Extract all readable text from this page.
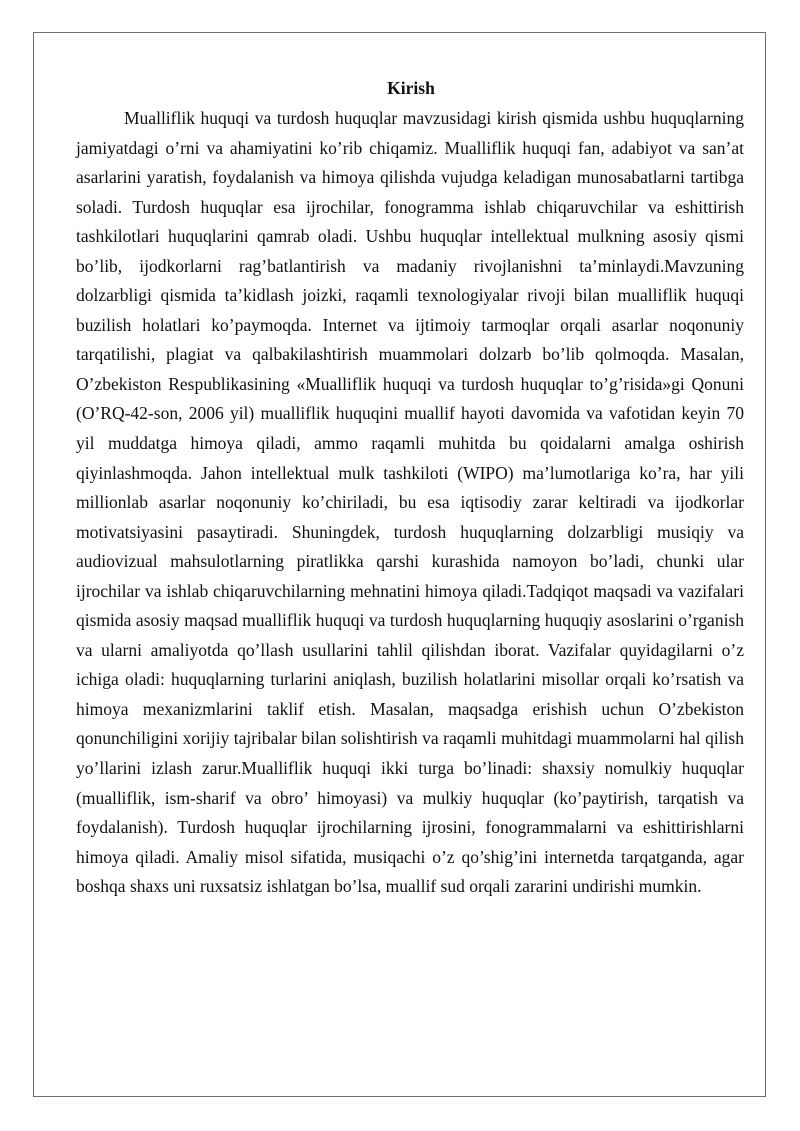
Kirish

Mualliflik huquqi va turdosh huquqlar mavzusidagi kirish qismida ushbu huquqlarning jamiyatdagi o’rni va ahamiyatini ko’rib chiqamiz. Mualliflik huquqi fan, adabiyot va san’at asarlarini yaratish, foydalanish va himoya qilishda vujudga keladigan munosabatlarni tartibga soladi. Turdosh huquqlar esa ijrochilar, fonogramma ishlab chiqaruvchilar va eshittirish tashkilotlari huquqlarini qamrab oladi. Ushbu huquqlar intellektual mulkning asosiy qismi bo’lib, ijodkorlarni rag’batlantirish va madaniy rivojlanishni ta’minlaydi.Mavzuning dolzarbligi qismida ta’kidlash joizki, raqamli texnologiyalar rivoji bilan mualliflik huquqi buzilish holatlari ko’paymoqda. Internet va ijtimoiy tarmoqlar orqali asarlar noqonuniy tarqatilishi, plagiat va qalbakilashtirish muammolari dolzarb bo’lib qolmoqda. Masalan, O’zbekiston Respublikasining «Mualliflik huquqi va turdosh huquqlar to’g’risida»gi Qonuni (O’RQ-42-son, 2006 yil) mualliflik huquqini muallif hayoti davomida va vafotidan keyin 70 yil muddatga himoya qiladi, ammo raqamli muhitda bu qoidalarni amalga oshirish qiyinlashmoqda. Jahon intellektual mulk tashkiloti (WIPO) ma’lumotlariga ko’ra, har yili millionlab asarlar noqonuniy ko’chiriladi, bu esa iqtisodiy zarar keltiradi va ijodkorlar motivatsiyasini pasaytiradi. Shuningdek, turdosh huquqlarning dolzarbligi musiqiy va audiovizual mahsulotlarning piratlikka qarshi kurashida namoyon bo’ladi, chunki ular ijrochilar va ishlab chiqaruvchilarning mehnatini himoya qiladi.Tadqiqot maqsadi va vazifalari qismida asosiy maqsad mualliflik huquqi va turdosh huquqlarning huquqiy asoslarini o’rganish va ularni amaliyotda qo’llash usullarini tahlil qilishdan iborat. Vazifalar quyidagilarni o’z ichiga oladi: huquqlarning turlarini aniqlash, buzilish holatlarini misollar orqali ko’rsatish va himoya mexanizmlarini taklif etish. Masalan, maqsadga erishish uchun O’zbekiston qonunchiligini xorijiy tajribalar bilan solishtirish va raqamli muhitdagi muammolarni hal qilish yo’llarini izlash zarur.Mualliflik huquqi ikki turga bo’linadi: shaxsiy nomulkiy huquqlar (mualliflik, ism-sharif va obro’ himoyasi) va mulkiy huquqlar (ko’paytirish, tarqatish va foydalanish). Turdosh huquqlar ijrochilarning ijrosini, fonogrammalarni va eshittirishlarni himoya qiladi. Amaliy misol sifatida, musiqachi o’z qo’shig’ini internetda tarqatganda, agar boshqa shaxs uni ruxsatsiz ishlatgan bo’lsa, muallif sud orqali zararini undirishi mumkin.
